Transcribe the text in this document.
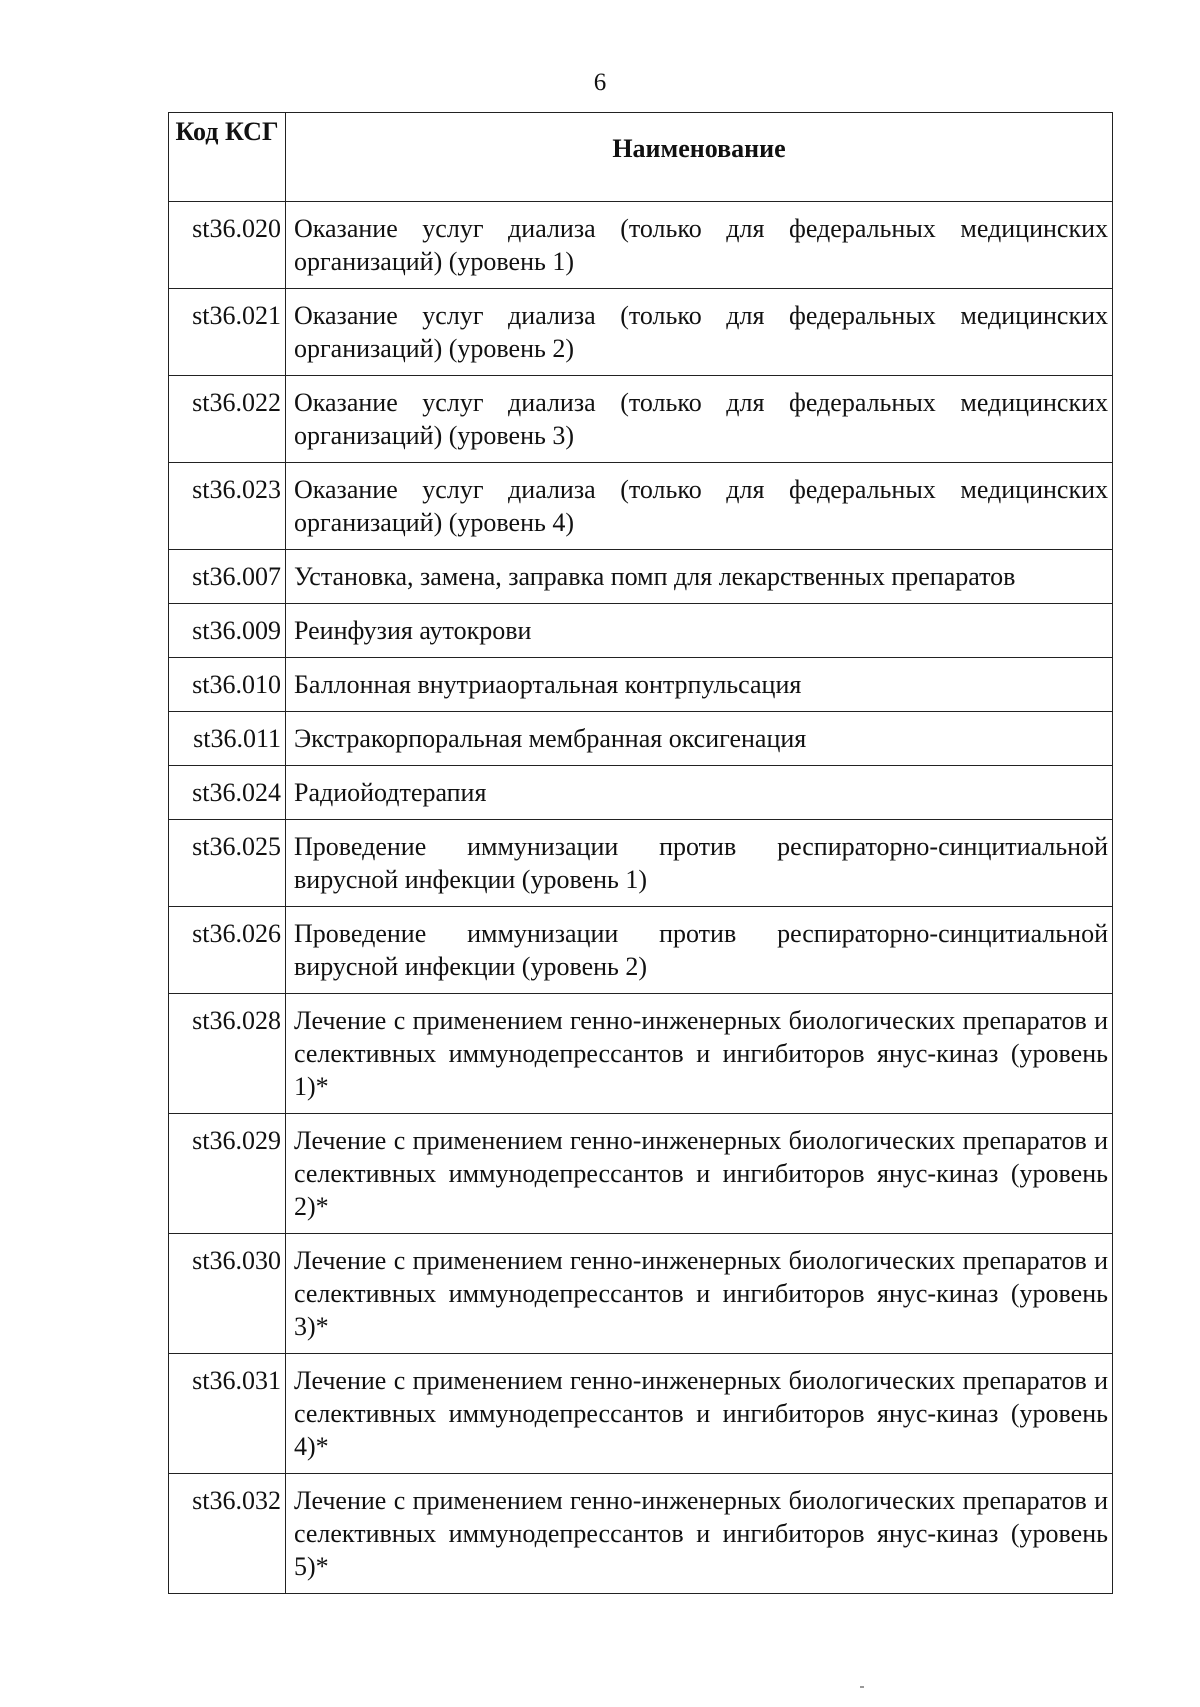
6
Код КСГ	Наименование
st36.020	Оказание услуг диализа (только для федеральных медицинских организаций) (уровень 1)
st36.021	Оказание услуг диализа (только для федеральных медицинских организаций) (уровень 2)
st36.022	Оказание услуг диализа (только для федеральных медицинских организаций) (уровень 3)
st36.023	Оказание услуг диализа (только для федеральных медицинских организаций) (уровень 4)
st36.007	Установка, замена, заправка помп для лекарственных препаратов
st36.009	Реинфузия аутокрови
st36.010	Баллонная внутриаортальная контрпульсация
st36.011	Экстракорпоральная мембранная оксигенация
st36.024	Радиойодтерапия
st36.025	Проведение иммунизации против респираторно-синцитиальной вирусной инфекции (уровень 1)
st36.026	Проведение иммунизации против респираторно-синцитиальной вирусной инфекции (уровень 2)
st36.028	Лечение с применением генно-инженерных биологических препаратов и селективных иммунодепрессантов и ингибиторов янус-киназ (уровень 1)*
st36.029	Лечение с применением генно-инженерных биологических препаратов и селективных иммунодепрессантов и ингибиторов янус-киназ (уровень 2)*
st36.030	Лечение с применением генно-инженерных биологических препаратов и селективных иммунодепрессантов и ингибиторов янус-киназ (уровень 3)*
st36.031	Лечение с применением генно-инженерных биологических препаратов и селективных иммунодепрессантов и ингибиторов янус-киназ (уровень 4)*
st36.032	Лечение с применением генно-инженерных биологических препаратов и селективных иммунодепрессантов и ингибиторов янус-киназ (уровень 5)*
